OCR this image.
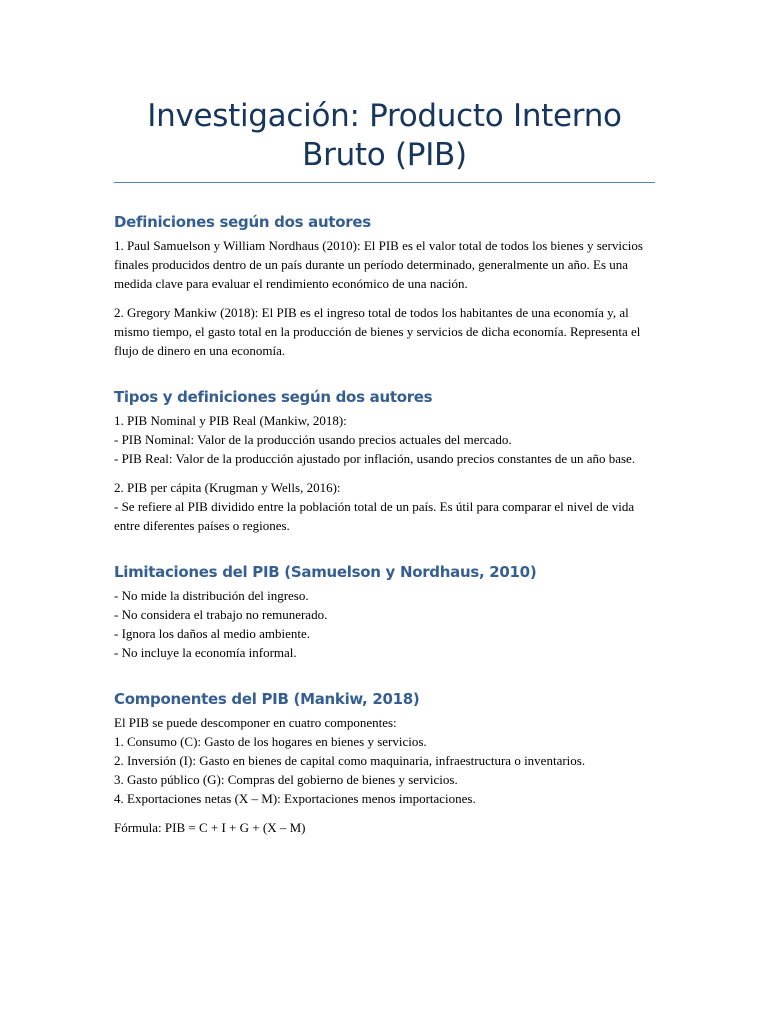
Investigación: Producto Interno Bruto (PIB)
Definiciones según dos autores

1. Paul Samuelson y William Nordhaus (2010): El PIB es el valor total de todos los bienes y servicios finales producidos dentro de un país durante un período determinado, generalmente un año. Es una medida clave para evaluar el rendimiento económico de una nación.

2. Gregory Mankiw (2018): El PIB es el ingreso total de todos los habitantes de una economía y, al mismo tiempo, el gasto total en la producción de bienes y servicios de dicha economía. Representa el flujo de dinero en una economía.

Tipos y definiciones según dos autores

1. PIB Nominal y PIB Real (Mankiw, 2018):
- PIB Nominal: Valor de la producción usando precios actuales del mercado.
- PIB Real: Valor de la producción ajustado por inflación, usando precios constantes de un año base.

2. PIB per cápita (Krugman y Wells, 2016):
- Se refiere al PIB dividido entre la población total de un país. Es útil para comparar el nivel de vida entre diferentes países o regiones.

Limitaciones del PIB (Samuelson y Nordhaus, 2010)

- No mide la distribución del ingreso.
- No considera el trabajo no remunerado.
- Ignora los daños al medio ambiente.
- No incluye la economía informal.

Componentes del PIB (Mankiw, 2018)

El PIB se puede descomponer en cuatro componentes:
1. Consumo (C): Gasto de los hogares en bienes y servicios.
2. Inversión (I): Gasto en bienes de capital como maquinaria, infraestructura o inventarios.
3. Gasto público (G): Compras del gobierno de bienes y servicios.
4. Exportaciones netas (X – M): Exportaciones menos importaciones.

Fórmula: PIB = C + I + G + (X – M)
